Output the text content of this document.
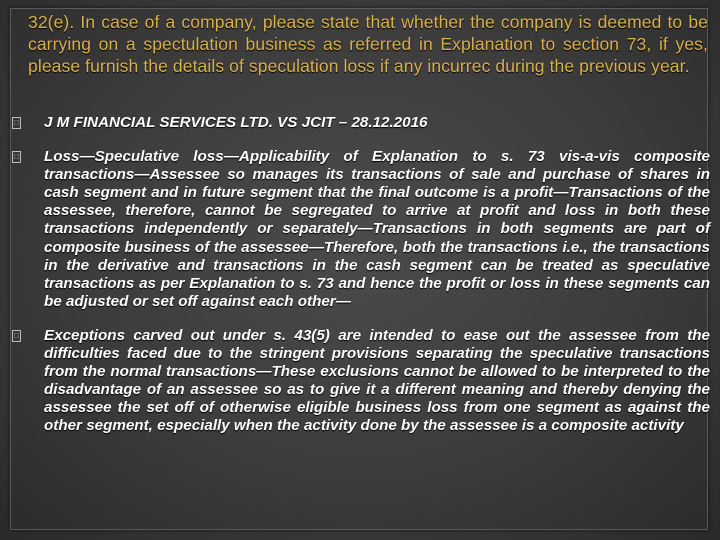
32(e). In case of a company, please state that whether the company is deemed to be carrying on a spectulation business as referred in Explanation to section 73, if yes, please furnish the details of speculation loss if any incurrec during the previous year.

□ J M FINANCIAL SERVICES LTD. VS JCIT – 28.12.2016
□ Loss—Speculative loss—Applicability of Explanation to s. 73 vis-a-vis composite transactions—Assessee so manages its transactions of sale and purchase of shares in cash segment and in future segment that the final outcome is a profit—Transactions of the assessee, therefore, cannot be segregated to arrive at profit and loss in both these transactions independently or separately—Transactions in both segments are part of composite business of the assessee—Therefore, both the transactions i.e., the transactions in the derivative and transactions in the cash segment can be treated as speculative transactions as per Explanation to s. 73 and hence the profit or loss in these segments can be adjusted or set off against each other—
□ Exceptions carved out under s. 43(5) are intended to ease out the assessee from the difficulties faced due to the stringent provisions separating the speculative transactions from the normal transactions—These exclusions cannot be allowed to be interpreted to the disadvantage of an assessee so as to give it a different meaning and thereby denying the assessee the set off of otherwise eligible business loss from one segment as against the other segment, especially when the activity done by the assessee is a composite activity
